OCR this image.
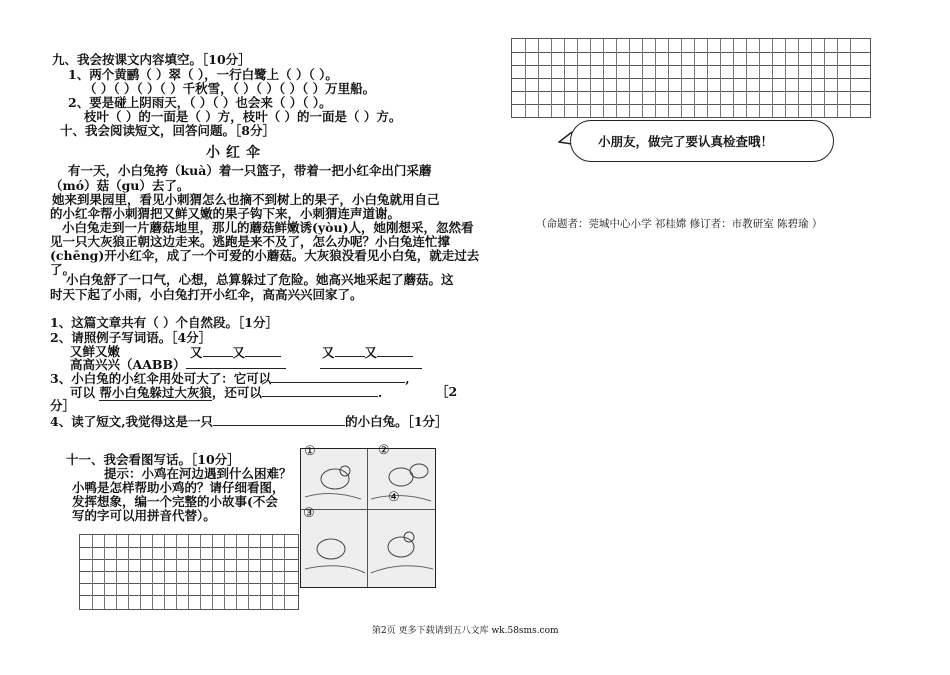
九、我会按课文内容填空。［10分］
1、两个黄鹂（ ）翠（ ），一行白鹭上（ ）（ ）。
（ ）（ ）（ ）（ ）千秋雪，（ ）（ ）（ ）（ ）万里船。
2、要是碰上阴雨天，（ ）（ ）也会来（ ）（ ）。
枝叶（ ）的一面是（ ）方，枝叶（ ）的一面是（ ）方。
十、我会阅读短文，回答问题。［8分］
小红伞
有一天，小白兔挎（kuà）着一只篮子，带着一把小红伞出门采蘑
（mó）菇（gu）去了。
她来到果园里，看见小刺猬怎么也摘不到树上的果子，小白兔就用自己
的小红伞帮小刺猬把又鲜又嫩的果子钩下来，小刺猬连声道谢。
小白兔走到一片蘑菇地里，那儿的蘑菇鲜嫩诱(yòu)人，她刚想采，忽然看
见一只大灰狼正朝这边走来。逃跑是来不及了，怎么办呢？小白兔连忙撑
(chēng)开小红伞，成了一个可爱的小蘑菇。大灰狼没看见小白兔，就走过去
了。
小白兔舒了一口气，心想，总算躲过了危险。她高兴地采起了蘑菇。这
时天下起了小雨，小白兔打开小红伞，高高兴兴回家了。
1、这篇文章共有（ ）个自然段。［1分］
2、请照例子写词语。［4分］
又鲜又嫩	又 又	又 又
高高兴兴（AABB）
3、小白兔的小红伞用处可大了：它可以	,
可以 帮小白兔躲过大灰狼，还可以	.	［2
分］
4、读了短文,我觉得这是一只	的小白兔。［1分］
十一、我会看图写话。［10分］
提示：小鸡在河边遇到什么困难？
小鸭是怎样帮助小鸡的？请仔细看图，
发挥想象，编一个完整的小故事(不会
写的字可以用拼音代替）。
①	②
③
④
小朋友，做完了要认真检查哦！
（命题者：莞城中心小学 祁桂嫦 修订者：市教研室 陈碧瑜 ）
第2页 更多下载请到五八文库 wk.58sms.com
